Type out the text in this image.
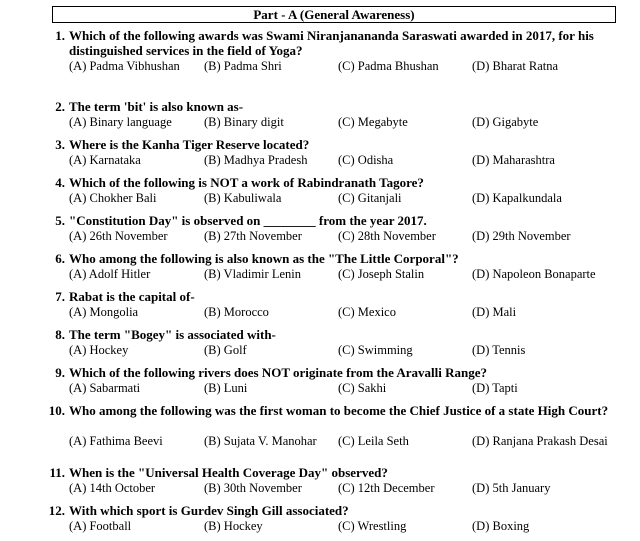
Part - A (General Awareness)
1. Which of the following awards was Swami Niranjanananda Saraswati awarded in 2017, for his distinguished services in the field of Yoga?
(A) Padma Vibhushan (B) Padma Shri	(C) Padma Bhushan	(D) Bharat Ratna
2. The term 'bit' is also known as-
(A) Binary language	(B) Binary digit	(C) Megabyte	(D) Gigabyte
3. Where is the Kanha Tiger Reserve located?
(A) Karnataka	(B) Madhya Pradesh (C) Odisha	(D) Maharashtra
4. Which of the following is NOT a work of Rabindranath Tagore?
(A) Chokher Bali	(B) Kabuliwala	(C) Gitanjali	(D) Kapalkundala
5. "Constitution Day" is observed on ________ from the year 2017.
(A) 26th November	(B) 27th November	(C) 28th November	(D) 29th November
6. Who among the following is also known as the "The Little Corporal"?
(A) Adolf Hitler	(B) Vladimir Lenin	(C) Joseph Stalin	(D) Napoleon Bonaparte
7. Rabat is the capital of-
(A) Mongolia	(B) Morocco	(C) Mexico	(D) Mali
8. The term "Bogey" is associated with-
(A) Hockey	(B) Golf	(C) Swimming	(D) Tennis
9. Which of the following rivers does NOT originate from the Aravalli Range?
(A) Sabarmati	(B) Luni	(C) Sakhi	(D) Tapti
10. Who among the following was the first woman to become the Chief Justice of a state High Court?
(A) Fathima Beevi	(B) Sujata V. Manohar (C) Leila Seth	(D) Ranjana Prakash Desai
11. When is the "Universal Health Coverage Day" observed?
(A) 14th October	(B) 30th November	(C) 12th December	(D) 5th January
12. With which sport is Gurdev Singh Gill associated?
(A) Football	(B) Hockey	(C) Wrestling	(D) Boxing
